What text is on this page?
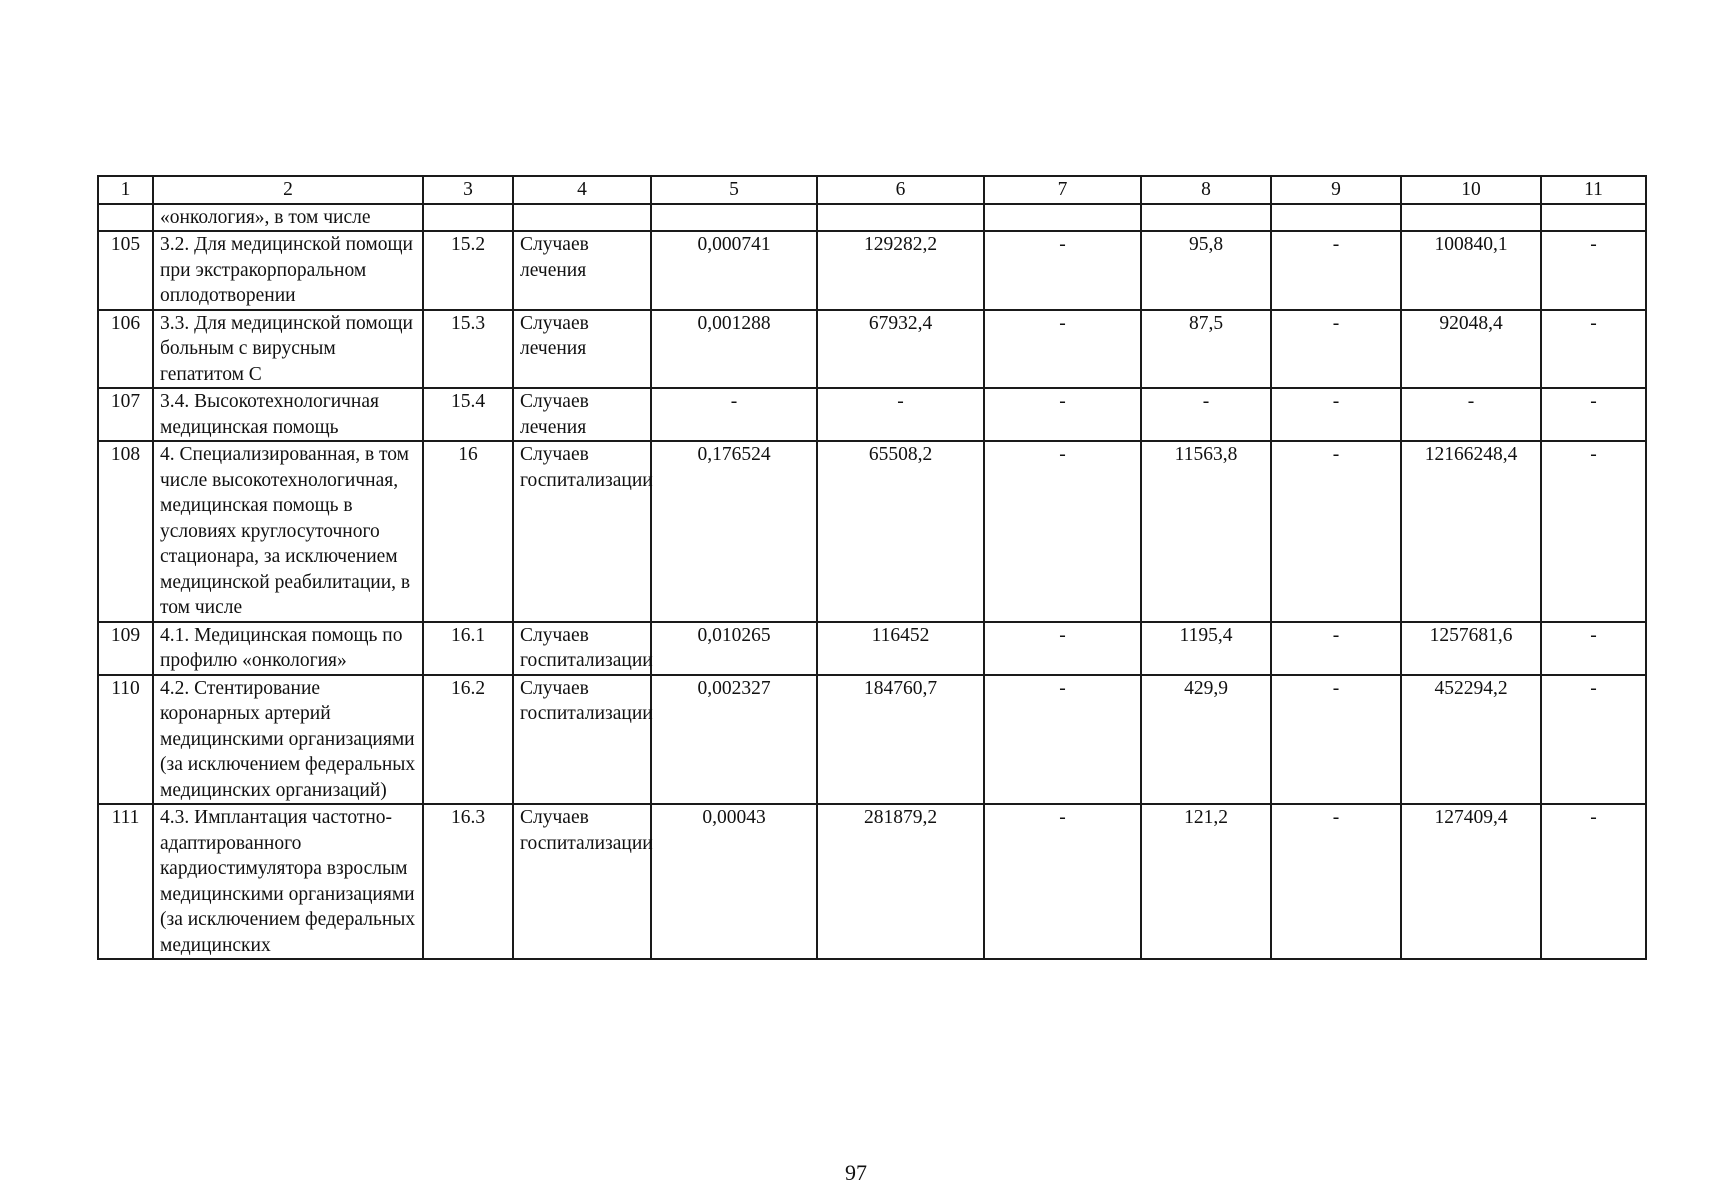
1	2	3	4	5	6	7	8	9	10	11
	«онкология», в том числе									
105	3.2. Для медицинской помощи при экстракорпоральном оплодотворении	15.2	Случаев лечения	0,000741	129282,2	-	95,8	-	100840,1	-
106	3.3. Для медицинской помощи больным с вирусным гепатитом С	15.3	Случаев лечения	0,001288	67932,4	-	87,5	-	92048,4	-
107	3.4. Высокотехнологичная медицинская помощь	15.4	Случаев лечения	-	-	-	-	-	-	-
108	4. Специализированная, в том числе высокотехнологичная, медицинская помощь в условиях круглосуточного стационара, за исключением медицинской реабилитации, в том числе	16	Случаев госпитализации	0,176524	65508,2	-	11563,8	-	12166248,4	-
109	4.1. Медицинская помощь по профилю «онкология»	16.1	Случаев госпитализации	0,010265	116452	-	1195,4	-	1257681,6	-
110	4.2. Стентирование коронарных артерий медицинскими организациями (за исключением федеральных медицинских организаций)	16.2	Случаев госпитализации	0,002327	184760,7	-	429,9	-	452294,2	-
111	4.3. Имплантация частотно-адаптированного кардиостимулятора взрослым медицинскими организациями (за исключением федеральных медицинских	16.3	Случаев госпитализации	0,00043	281879,2	-	121,2	-	127409,4	-
97
